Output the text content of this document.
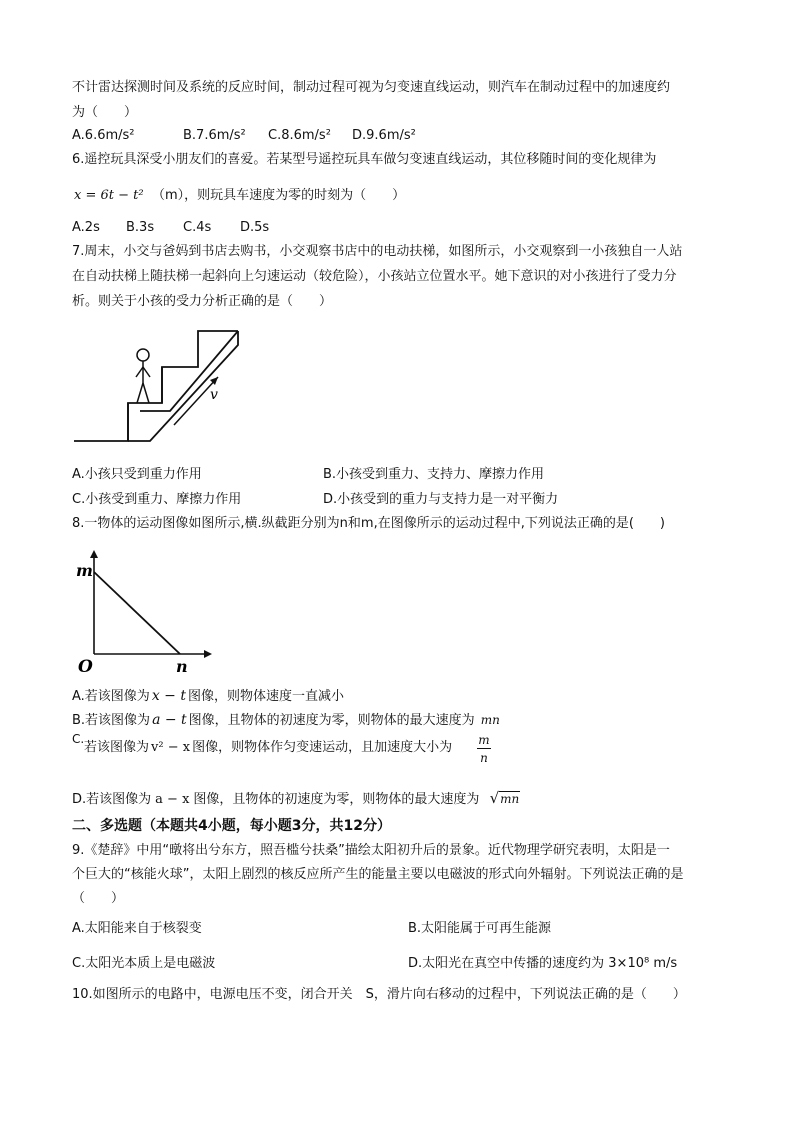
不计雷达探测时间及系统的反应时间，制动过程可视为匀变速直线运动，则汽车在制动过程中的加速度约
为（　　）
A.6.6m/s²	B.7.6m/s² C.8.6m/s² D.9.6m/s²
6.遥控玩具深受小朋友们的喜爱。若某型号遥控玩具车做匀变速直线运动，其位移随时间的变化规律为
x = 6t − t² （m），则玩具车速度为零的时刻为（　　）
A.2s B.3s C.4s D.5s
7.周末，小交与爸妈到书店去购书，小交观察书店中的电动扶梯，如图所示，小交观察到一小孩独自一人站
在自动扶梯上随扶梯一起斜向上匀速运动（较危险），小孩站立位置水平。她下意识的对小孩进行了受力分
析。则关于小孩的受力分析正确的是（　　）
v
A.小孩只受到重力作用	B.小孩受到重力、支持力、摩擦力作用
C.小孩受到重力、摩擦力作用	D.小孩受到的重力与支持力是一对平衡力
8.一物体的运动图像如图所示,横.纵截距分别为n和m,在图像所示的运动过程中,下列说法正确的是(　　)
m
O	n
A.若该图像为 x − t 图像，则物体速度一直减小
B.若该图像为 a − t 图像，且物体的初速度为零，则物体的最大速度为 mn
C.
若该图像为 v² − x 图像，则物体作匀变速运动，且加速度大小为 $\frac{m}{n}$
D.若该图像为 a − x 图像，且物体的初速度为零，则物体的最大速度为 √mn
二、多选题（本题共4小题，每小题3分，共12分）
9.《楚辞》中用“暾将出兮东方，照吾槛兮扶桑”描绘太阳初升后的景象。近代物理学研究表明，太阳是一
个巨大的“核能火球”，太阳上剧烈的核反应所产生的能量主要以电磁波的形式向外辐射。下列说法正确的是
（　　）
A.太阳能来自于核裂变	B.太阳能属于可再生能源
C.太阳光本质上是电磁波	D.太阳光在真空中传播的速度约为 3×10⁸ m/s
10.如图所示的电路中，电源电压不变，闭合开关　S，滑片向右移动的过程中，下列说法正确的是（　　）
